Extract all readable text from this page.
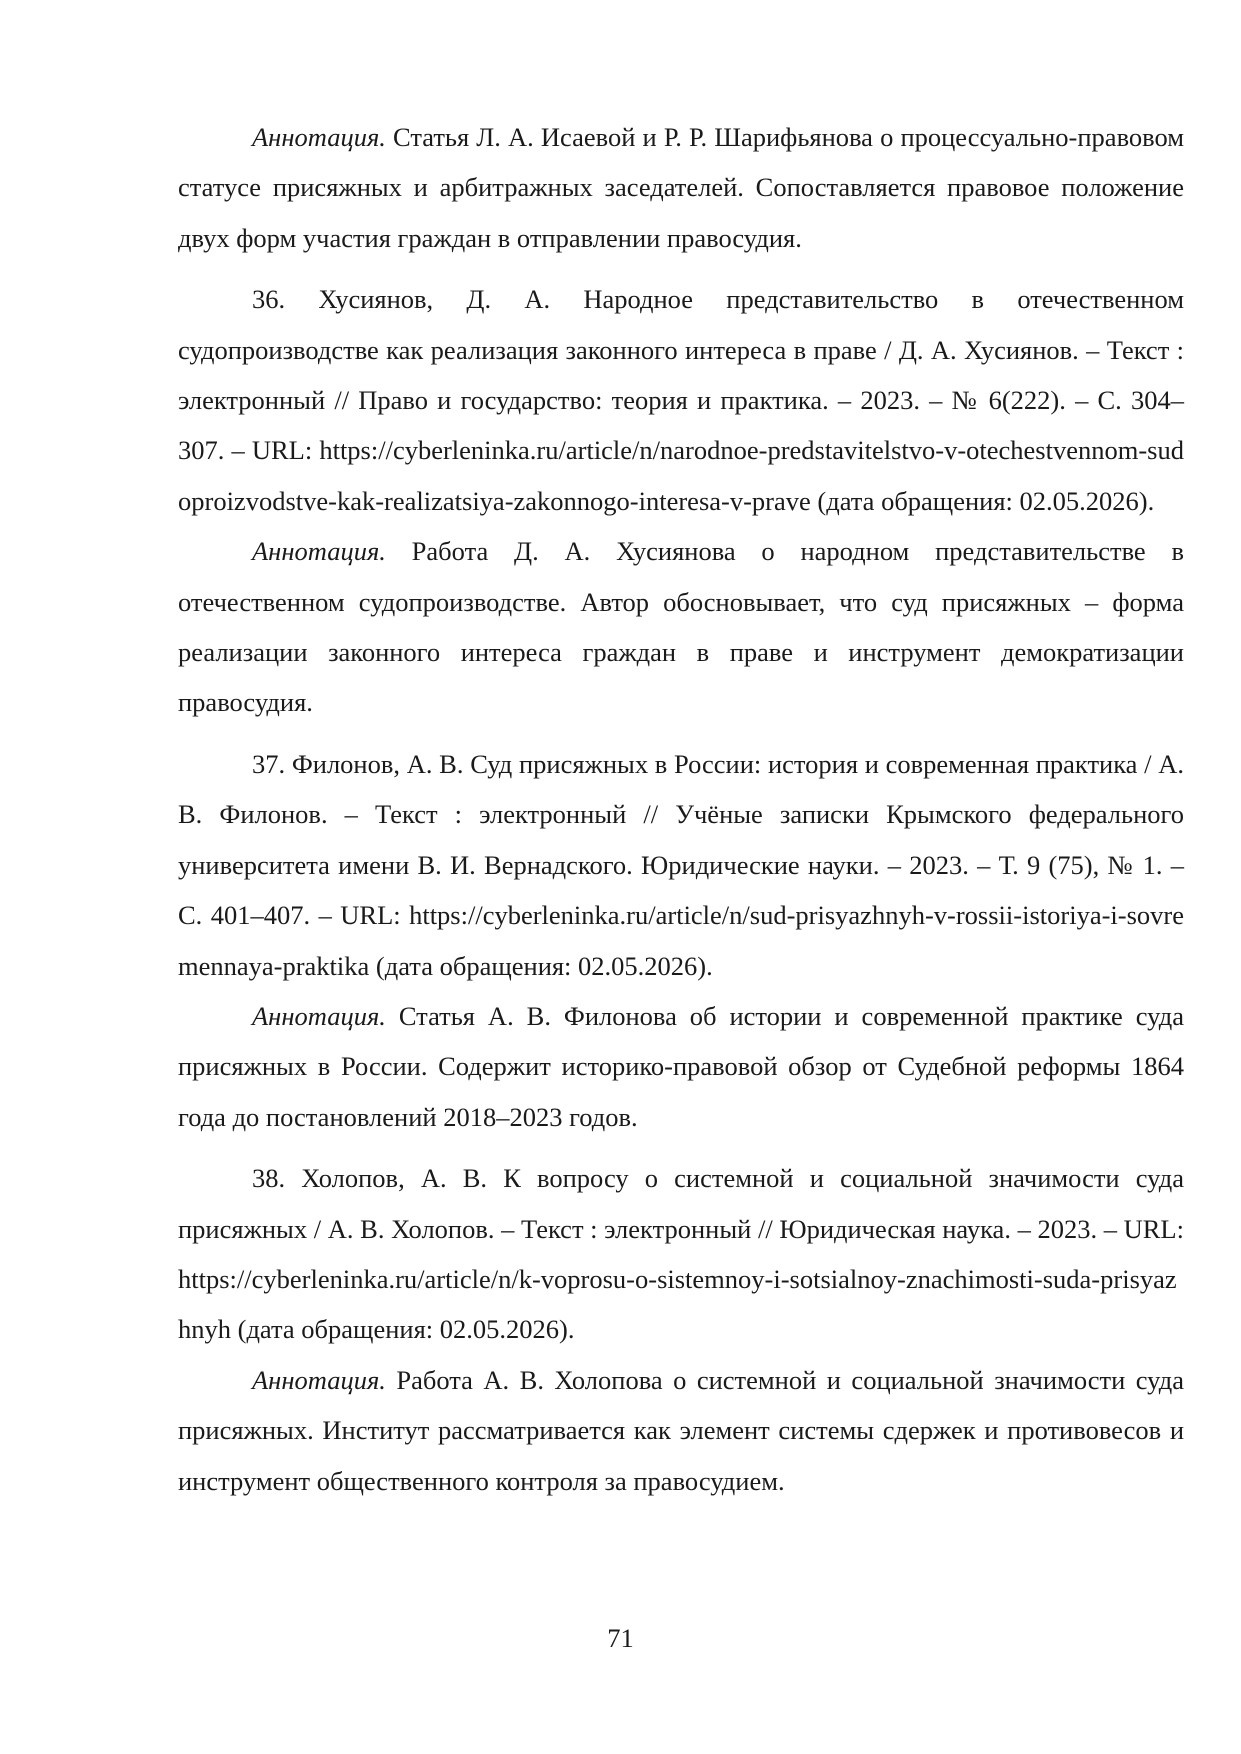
Аннотация. Статья Л. А. Исаевой и Р. Р. Шарифьянова о процессуально-правовом статусе присяжных и арбитражных заседателей. Сопоставляется правовое положение двух форм участия граждан в отправлении правосудия.

36. Хусиянов, Д. А. Народное представительство в отечественном судопроизводстве как реализация законного интереса в праве / Д. А. Хусиянов. – Текст : электронный // Право и государство: теория и практика. – 2023. – № 6(222). – С. 304–307. – URL: https://cyberleninka.ru/article/n/narodnoe-predstavitelstvo-v-otechestvennom-sudoproizvodstve-kak-realizatsiya-zakonnogo-interesa-v-prave (дата обращения: 02.05.2026).

Аннотация. Работа Д. А. Хусиянова о народном представительстве в отечественном судопроизводстве. Автор обосновывает, что суд присяжных – форма реализации законного интереса граждан в праве и инструмент демократизации правосудия.

37. Филонов, А. В. Суд присяжных в России: история и современная практика / А. В. Филонов. – Текст : электронный // Учёные записки Крымского федерального университета имени В. И. Вернадского. Юридические науки. – 2023. – Т. 9 (75), № 1. – С. 401–407. – URL: https://cyberleninka.ru/article/n/sud-prisyazhnyh-v-rossii-istoriya-i-sovremennaya-praktika (дата обращения: 02.05.2026).

Аннотация. Статья А. В. Филонова об истории и современной практике суда присяжных в России. Содержит историко-правовой обзор от Судебной реформы 1864 года до постановлений 2018–2023 годов.

38. Холопов, А. В. К вопросу о системной и социальной значимости суда присяжных / А. В. Холопов. – Текст : электронный // Юридическая наука. – 2023. – URL: https://cyberleninka.ru/article/n/k-voprosu-o-sistemnoy-i-sotsialnoy-znachimosti-suda-prisyazhnyh (дата обращения: 02.05.2026).

Аннотация. Работа А. В. Холопова о системной и социальной значимости суда присяжных. Институт рассматривается как элемент системы сдержек и противовесов и инструмент общественного контроля за правосудием.

71
